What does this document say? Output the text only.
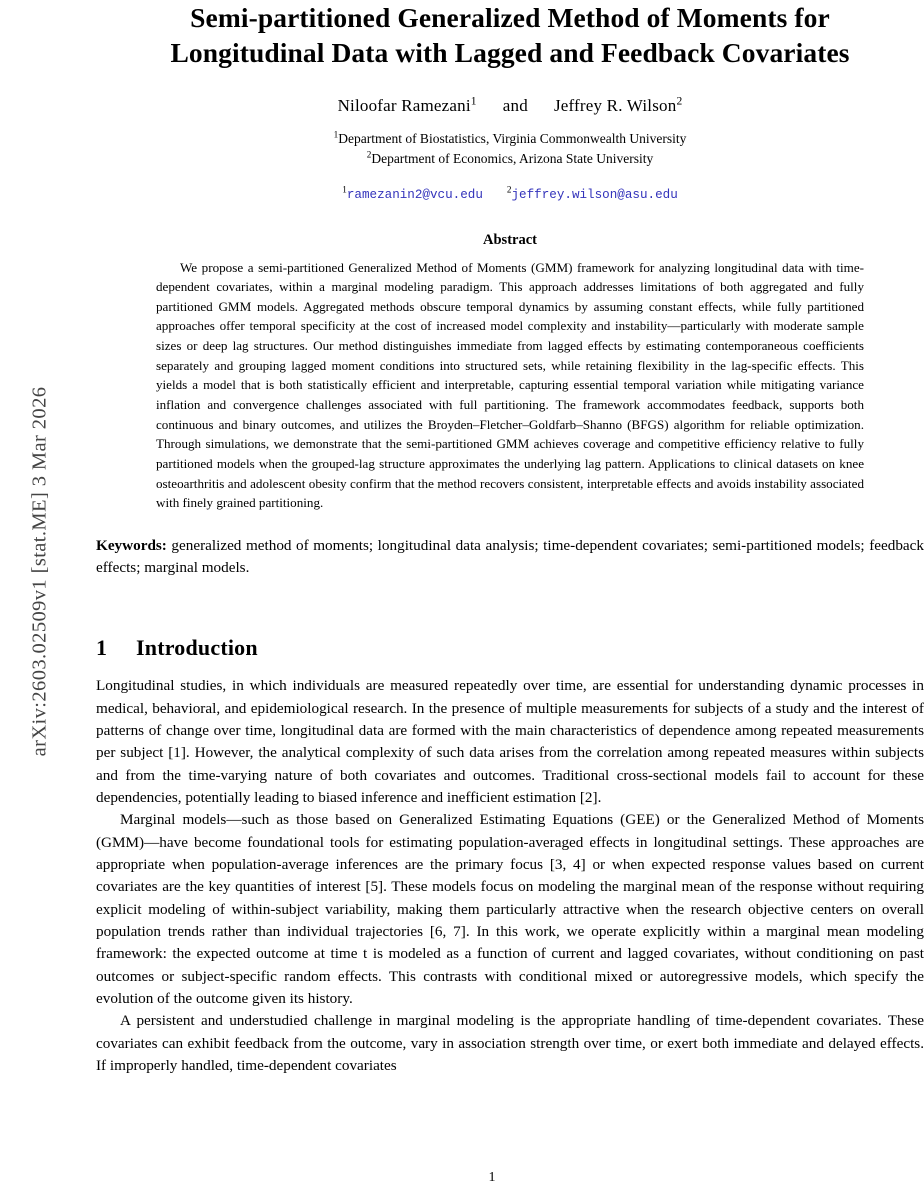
arXiv:2603.02509v1 [stat.ME] 3 Mar 2026
Semi-partitioned Generalized Method of Moments for
Longitudinal Data with Lagged and Feedback Covariates
Niloofar Ramezani$^1$ and Jeffrey R. Wilson$^2$
$^1$Department of Biostatistics, Virginia Commonwealth University
$^2$Department of Economics, Arizona State University
$^1$ramezanin2@vcu.edu	$^2$jeffrey.wilson@asu.edu
Abstract
We propose a semi-partitioned Generalized Method of Moments (GMM) framework for analyzing longitudinal data with time-dependent covariates, within a marginal modeling paradigm. This approach addresses limitations of both aggregated and fully partitioned GMM models. Aggregated methods obscure temporal dynamics by assuming constant effects, while fully partitioned approaches offer temporal specificity at the cost of increased model complexity and instability—particularly with moderate sample sizes or deep lag structures. Our method distinguishes immediate from lagged effects by estimating contemporaneous coefficients separately and grouping lagged moment conditions into structured sets, while retaining flexibility in the lag-specific effects. This yields a model that is both statistically efficient and interpretable, capturing essential temporal variation while mitigating variance inflation and convergence challenges associated with full partitioning. The framework accommodates feedback, supports both continuous and binary outcomes, and utilizes the Broyden–Fletcher–Goldfarb–Shanno (BFGS) algorithm for reliable optimization. Through simulations, we demonstrate that the semi-partitioned GMM achieves coverage and competitive efficiency relative to fully partitioned models when the grouped-lag structure approximates the underlying lag pattern. Applications to clinical datasets on knee osteoarthritis and adolescent obesity confirm that the method recovers consistent, interpretable effects and avoids instability associated with finely grained partitioning.
Keywords: generalized method of moments; longitudinal data analysis; time-dependent covariates; semi-partitioned models; feedback effects; marginal models.
1 Introduction

Longitudinal studies, in which individuals are measured repeatedly over time, are essential for understanding dynamic processes in medical, behavioral, and epidemiological research. In the presence of multiple measurements for subjects of a study and the interest of patterns of change over time, longitudinal data are formed with the main characteristics of dependence among repeated measurements per subject [1]. However, the analytical complexity of such data arises from the correlation among repeated measures within subjects and from the time-varying nature of both covariates and outcomes. Traditional cross-sectional models fail to account for these dependencies, potentially leading to biased inference and inefficient estimation [2].

Marginal models—such as those based on Generalized Estimating Equations (GEE) or the Generalized Method of Moments (GMM)—have become foundational tools for estimating population-averaged effects in longitudinal settings. These approaches are appropriate when population-average inferences are the primary focus [3, 4] or when expected response values based on current covariates are the key quantities of interest [5]. These models focus on modeling the marginal mean of the response without requiring explicit modeling of within-subject variability, making them particularly attractive when the research objective centers on overall population trends rather than individual trajectories [6, 7]. In this work, we operate explicitly within a marginal mean modeling framework: the expected outcome at time t is modeled as a function of current and lagged covariates, without conditioning on past outcomes or subject-specific random effects. This contrasts with conditional mixed or autoregressive models, which specify the evolution of the outcome given its history.

A persistent and understudied challenge in marginal modeling is the appropriate handling of time-dependent covariates. These covariates can exhibit feedback from the outcome, vary in association strength over time, or exert both immediate and delayed effects. If improperly handled, time-dependent covariates

1
